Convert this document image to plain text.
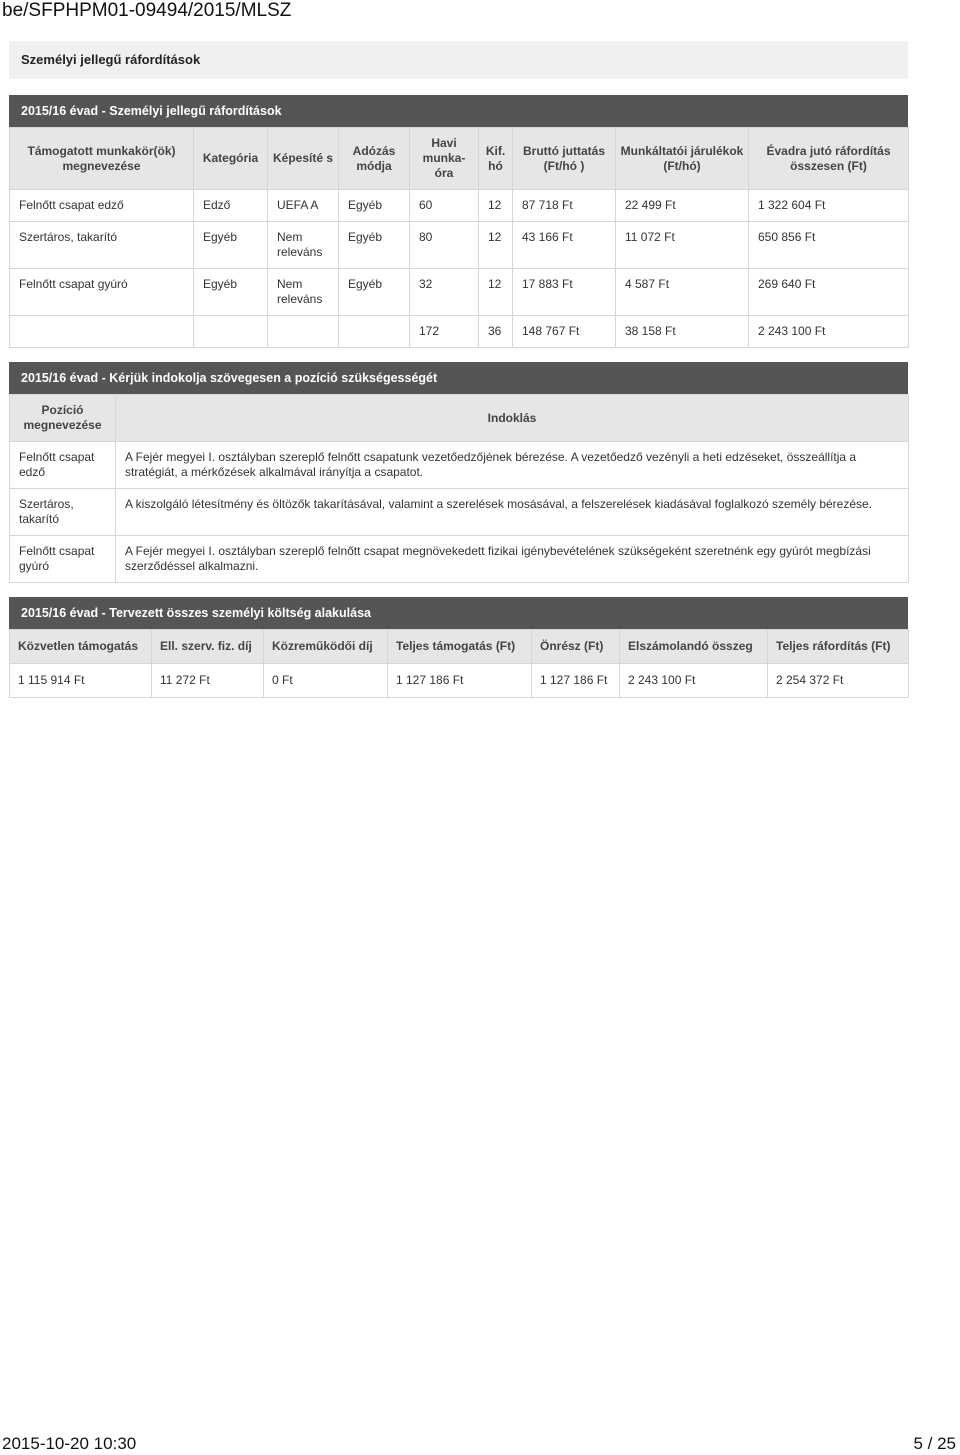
be/SFPHPM01-09494/2015/MLSZ
Személyi jellegű ráfordítások
2015/16 évad - Személyi jellegű ráfordítások
Támogatott munkakör(ök) megnevezése	Kategória	Képesíté s	Adózás módja	Havi munka-óra	Kif. hó	Bruttó juttatás (Ft/hó )	Munkáltatói járulékok (Ft/hó)	Évadra jutó ráfordítás összesen (Ft)
Felnőtt csapat edző	Edző	UEFA A	Egyéb	60	12	87 718 Ft	22 499 Ft	1 322 604 Ft
Szertáros, takarító	Egyéb	Nem releváns	Egyéb	80	12	43 166 Ft	11 072 Ft	650 856 Ft
Felnőtt csapat gyúró	Egyéb	Nem releváns	Egyéb	32	12	17 883 Ft	4 587 Ft	269 640 Ft
				172	36	148 767 Ft	38 158 Ft	2 243 100 Ft
2015/16 évad - Kérjük indokolja szövegesen a pozíció szükségességét
Pozíció megnevezése	Indoklás
Felnőtt csapat edző	A Fejér megyei I. osztályban szereplő felnőtt csapatunk vezetőedzőjének bérezése. A vezetőedző vezényli a heti edzéseket, összeállítja a stratégiát, a mérkőzések alkalmával irányítja a csapatot.
Szertáros, takarító	A kiszolgáló létesítmény és öltözők takarításával, valamint a szerelések mosásával, a felszerelések kiadásával foglalkozó személy bérezése.
Felnőtt csapat gyúró	A Fejér megyei I. osztályban szereplő felnőtt csapat megnövekedett fizikai igénybevételének szükségeként szeretnénk egy gyúrót megbízási szerződéssel alkalmazni.
2015/16 évad - Tervezett összes személyi költség alakulása
Közvetlen támogatás	Ell. szerv. fiz. díj	Közreműködői díj	Teljes támogatás (Ft)	Önrész (Ft)	Elszámolandó összeg	Teljes ráfordítás (Ft)
1 115 914 Ft	11 272 Ft	0 Ft	1 127 186 Ft	1 127 186 Ft	2 243 100 Ft	2 254 372 Ft
2015-10-20 10:30	5 / 25
